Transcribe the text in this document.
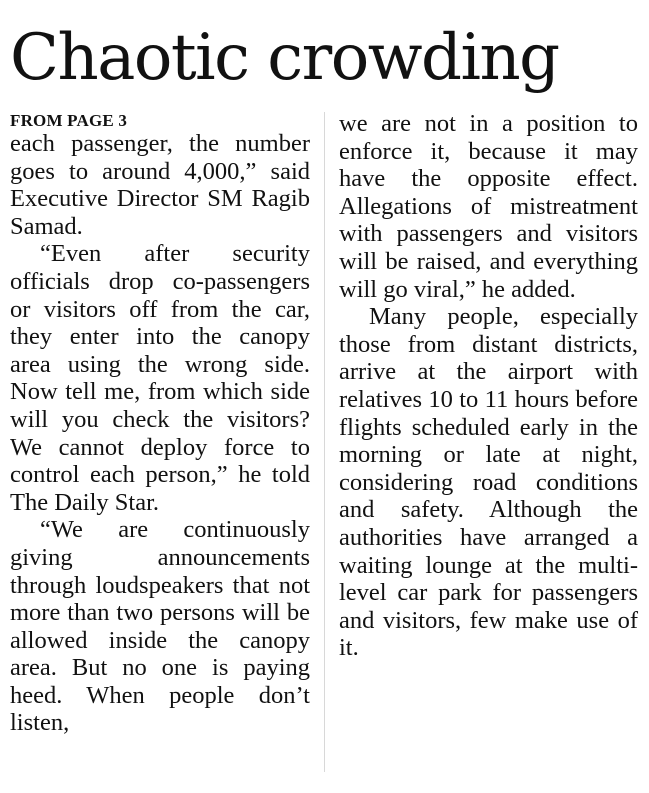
Chaotic crowding
FROM PAGE 3

each passenger, the number goes to around 4,000,” said Executive Director SM Ragib Samad.

“Even after security officials drop co-passengers or visitors off from the car, they enter into the canopy area using the wrong side. Now tell me, from which side will you check the visitors? We cannot deploy force to control each person,” he told The Daily Star.

“We are continuously giving announcements through loudspeakers that not more than two persons will be allowed inside the canopy area. But no one is paying heed. When people don’t listen,

we are not in a position to enforce it, because it may have the opposite effect. Allegations of mistreatment with passengers and visitors will be raised, and everything will go viral,” he added.

Many people, especially those from distant districts, arrive at the airport with relatives 10 to 11 hours before flights scheduled early in the morning or late at night, considering road conditions and safety. Although the authorities have arranged a waiting lounge at the multi-level car park for passengers and visitors, few make use of it.
